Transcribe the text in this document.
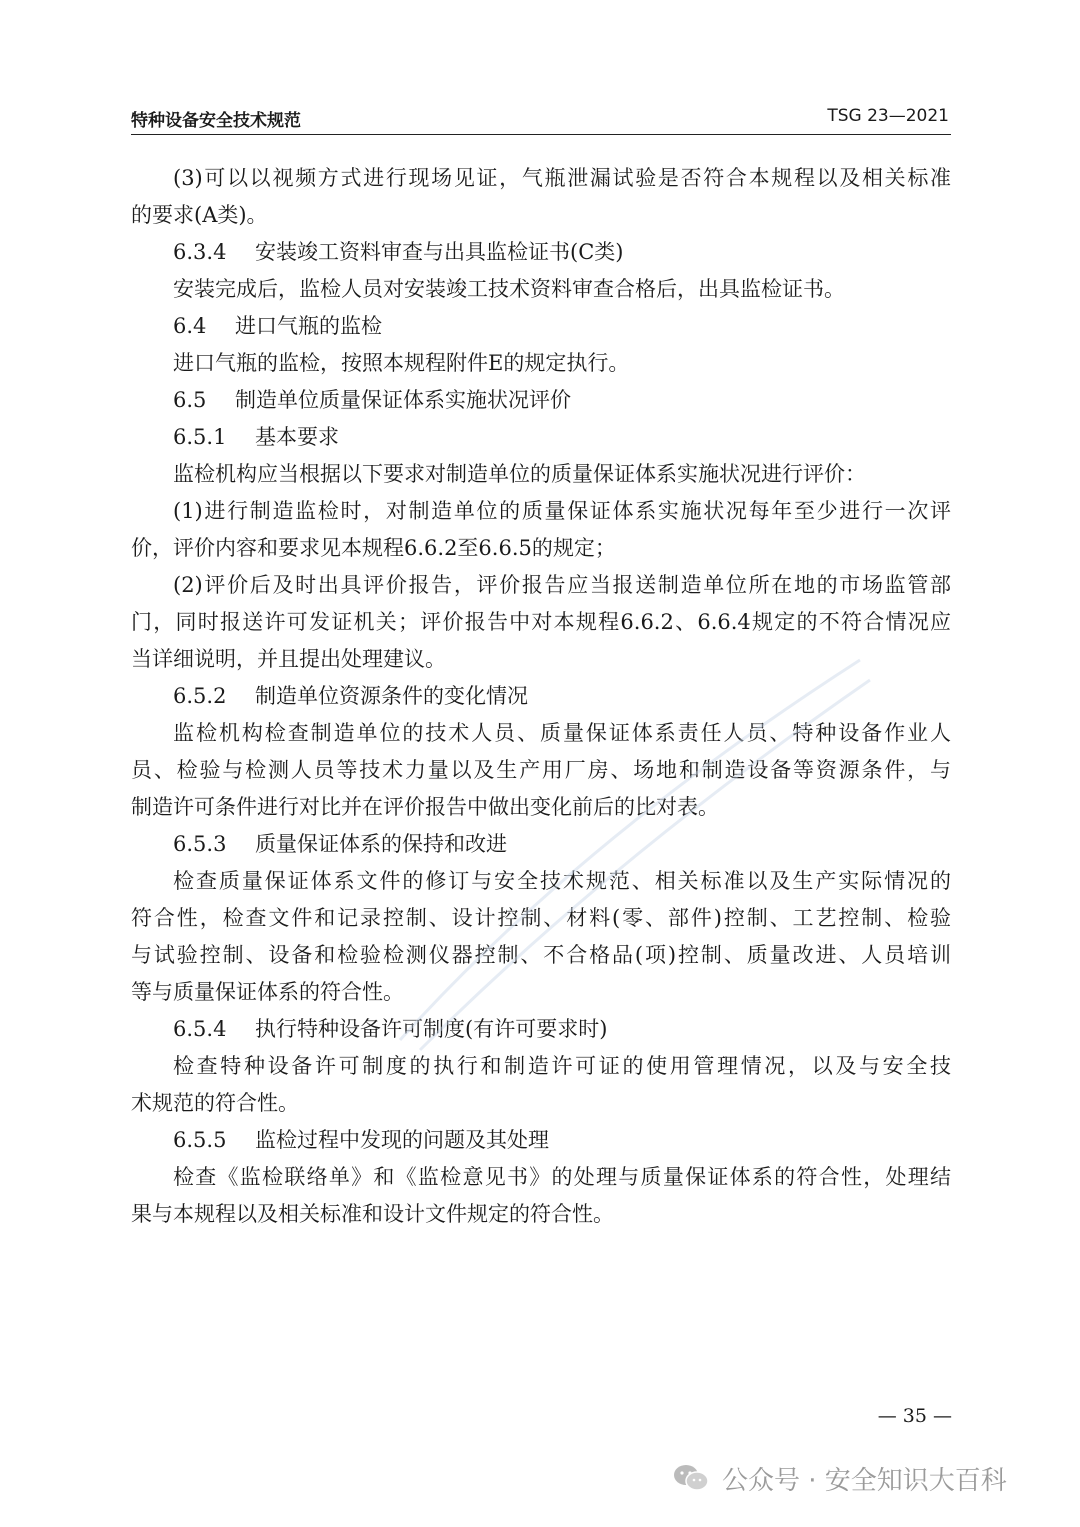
特种设备安全技术规范	TSG 23—2021
(3)可以以视频方式进行现场见证，气瓶泄漏试验是否符合本规程以及相关标准
的要求(A类)。
6.3.4 安装竣工资料审查与出具监检证书(C类)
安装完成后，监检人员对安装竣工技术资料审查合格后，出具监检证书。
6.4 进口气瓶的监检
进口气瓶的监检，按照本规程附件E的规定执行。
6.5 制造单位质量保证体系实施状况评价
6.5.1 基本要求
监检机构应当根据以下要求对制造单位的质量保证体系实施状况进行评价：
(1)进行制造监检时，对制造单位的质量保证体系实施状况每年至少进行一次评
价，评价内容和要求见本规程6.6.2至6.6.5的规定；
(2)评价后及时出具评价报告，评价报告应当报送制造单位所在地的市场监管部
门，同时报送许可发证机关；评价报告中对本规程6.6.2、6.6.4规定的不符合情况应
当详细说明，并且提出处理建议。
6.5.2 制造单位资源条件的变化情况
监检机构检查制造单位的技术人员、质量保证体系责任人员、特种设备作业人
员、检验与检测人员等技术力量以及生产用厂房、场地和制造设备等资源条件，与
制造许可条件进行对比并在评价报告中做出变化前后的比对表。
6.5.3 质量保证体系的保持和改进
检查质量保证体系文件的修订与安全技术规范、相关标准以及生产实际情况的
符合性，检查文件和记录控制、设计控制、材料(零、部件)控制、工艺控制、检验
与试验控制、设备和检验检测仪器控制、不合格品(项)控制、质量改进、人员培训
等与质量保证体系的符合性。
6.5.4 执行特种设备许可制度(有许可要求时)
检查特种设备许可制度的执行和制造许可证的使用管理情况，以及与安全技
术规范的符合性。
6.5.5 监检过程中发现的问题及其处理
检查《监检联络单》和《监检意见书》的处理与质量保证体系的符合性，处理结
果与本规程以及相关标准和设计文件规定的符合性。
— 35 —
公众号 · 安全知识大百科
